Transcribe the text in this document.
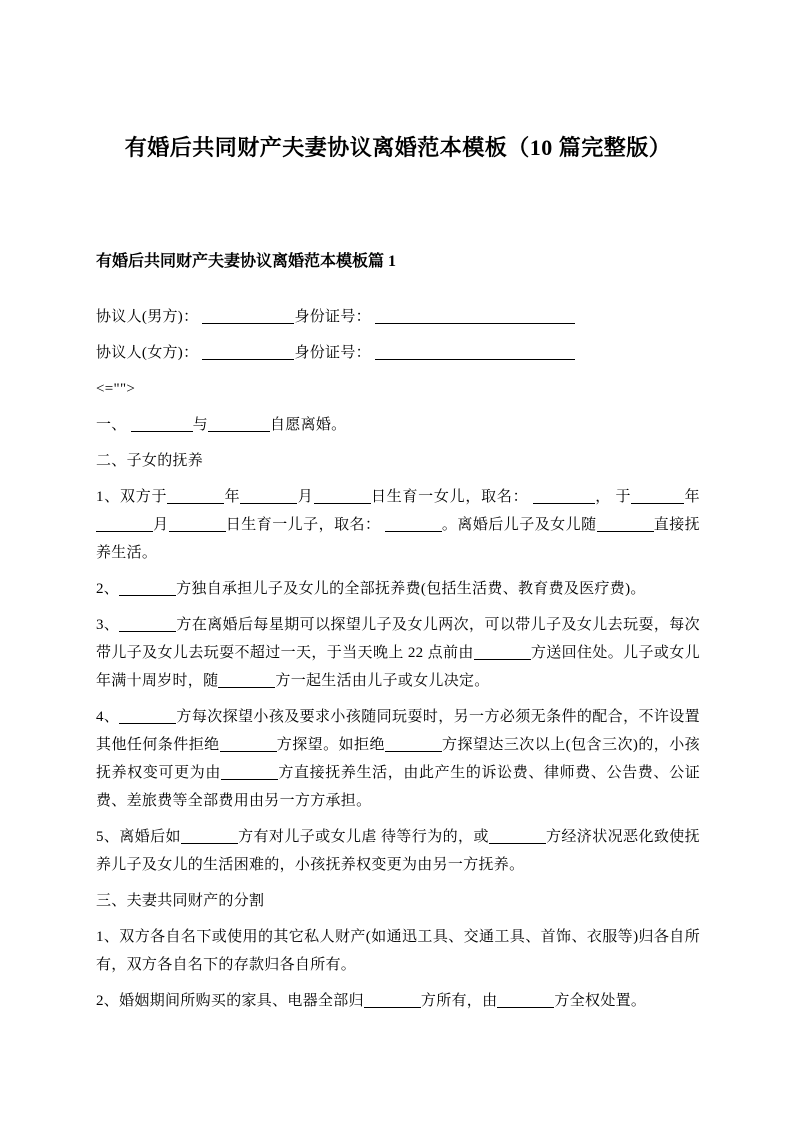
有婚后共同财产夫妻协议离婚范本模板（10 篇完整版）
有婚后共同财产夫妻协议离婚范本模板篇 1

协议人(男方)：	身份证号：

协议人(女方)：	身份证号：

<="">

一、	与	自愿离婚。

二、子女的抚养

1、双方于	年	月	日生育一女儿，取名：	， 于	年月	日生育一儿子，取名：	。离婚后儿子及女儿随	直接抚养生活。

2、	方独自承担儿子及女儿的全部抚养费(包括生活费、教育费及医疗费)。

3、	方在离婚后每星期可以探望儿子及女儿两次，可以带儿子及女儿去玩耍，每次带儿子及女儿去玩耍不超过一天，于当天晚上 22 点前由	方送回住处。儿子或女儿年满十周岁时，随	方一起生活由儿子或女儿决定。

4、	方每次探望小孩及要求小孩随同玩耍时，另一方必须无条件的配合，不许设置其他任何条件拒绝	方探望。如拒绝	方探望达三次以上(包含三次)的，小孩抚养权变可更为由	方直接抚养生活，由此产生的诉讼费、律师费、公告费、公证费、差旅费等全部费用由另一方方承担。

5、离婚后如	方有对儿子或女儿虐 待等行为的，或	方经济状况恶化致使抚养儿子及女儿的生活困难的，小孩抚养权变更为由另一方抚养。

三、夫妻共同财产的分割

1、双方各自名下或使用的其它私人财产(如通迅工具、交通工具、首饰、衣服等)归各自所有，双方各自名下的存款归各自所有。

2、婚姻期间所购买的家具、电器全部归	方所有，由	方全权处置。
